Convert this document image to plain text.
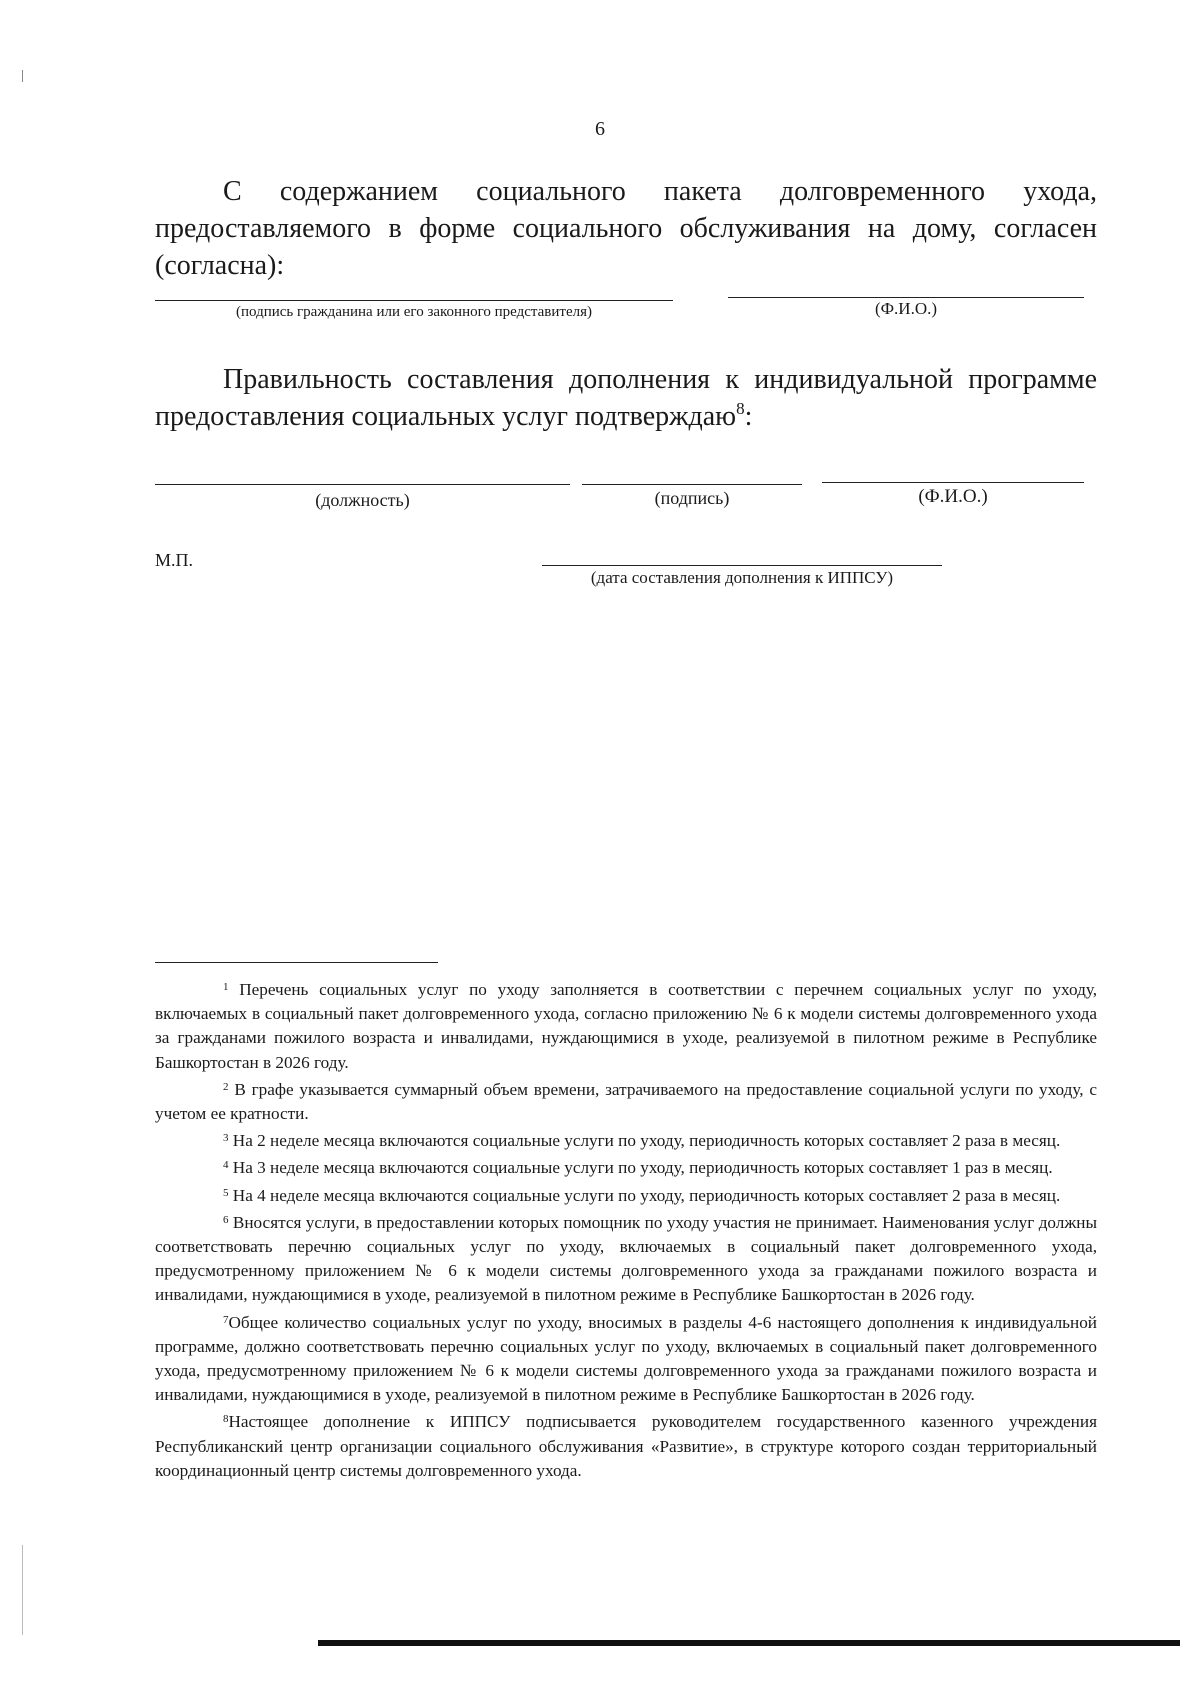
6

С содержанием социального пакета долговременного ухода, предоставляемого в форме социального обслуживания на дому, согласен (согласна):

(подпись гражданина или его законного представителя)	(Ф.И.О.)

Правильность составления дополнения к индивидуальной программе предоставления социальных услуг подтверждаю$^8$:

(должность)	(подпись)	(Ф.И.О.)
М.П.
(дата составления дополнения к ИППСУ)

$^1$ Перечень социальных услуг по уходу заполняется в соответствии с перечнем социальных услуг по уходу, включаемых в социальный пакет долговременного ухода, согласно приложению № 6 к модели системы долговременного ухода за гражданами пожилого возраста и инвалидами, нуждающимися в уходе, реализуемой в пилотном режиме в Республике Башкортостан в 2026 году.

$^2$ В графе указывается суммарный объем времени, затрачиваемого на предоставление социальной услуги по уходу, с учетом ее кратности.

$^3$ На 2 неделе месяца включаются социальные услуги по уходу, периодичность которых составляет 2 раза в месяц.

$^4$ На 3 неделе месяца включаются социальные услуги по уходу, периодичность которых составляет 1 раз в месяц.

$^5$ На 4 неделе месяца включаются социальные услуги по уходу, периодичность которых составляет 2 раза в месяц.

$^6$ Вносятся услуги, в предоставлении которых помощник по уходу участия не принимает. Наименования услуг должны соответствовать перечню социальных услуг по уходу, включаемых в социальный пакет долговременного ухода, предусмотренному приложением № 6 к модели системы долговременного ухода за гражданами пожилого возраста и инвалидами, нуждающимися в уходе, реализуемой в пилотном режиме в Республике Башкортостан в 2026 году.

$^7$Общее количество социальных услуг по уходу, вносимых в разделы 4-6 настоящего дополнения к индивидуальной программе, должно соответствовать перечню социальных услуг по уходу, включаемых в социальный пакет долговременного ухода, предусмотренному приложением № 6 к модели системы долговременного ухода за гражданами пожилого возраста и инвалидами, нуждающимися в уходе, реализуемой в пилотном режиме в Республике Башкортостан в 2026 году.

$^8$Настоящее дополнение к ИППСУ подписывается руководителем государственного казенного учреждения Республиканский центр организации социального обслуживания «Развитие», в структуре которого создан территориальный координационный центр системы долговременного ухода.
